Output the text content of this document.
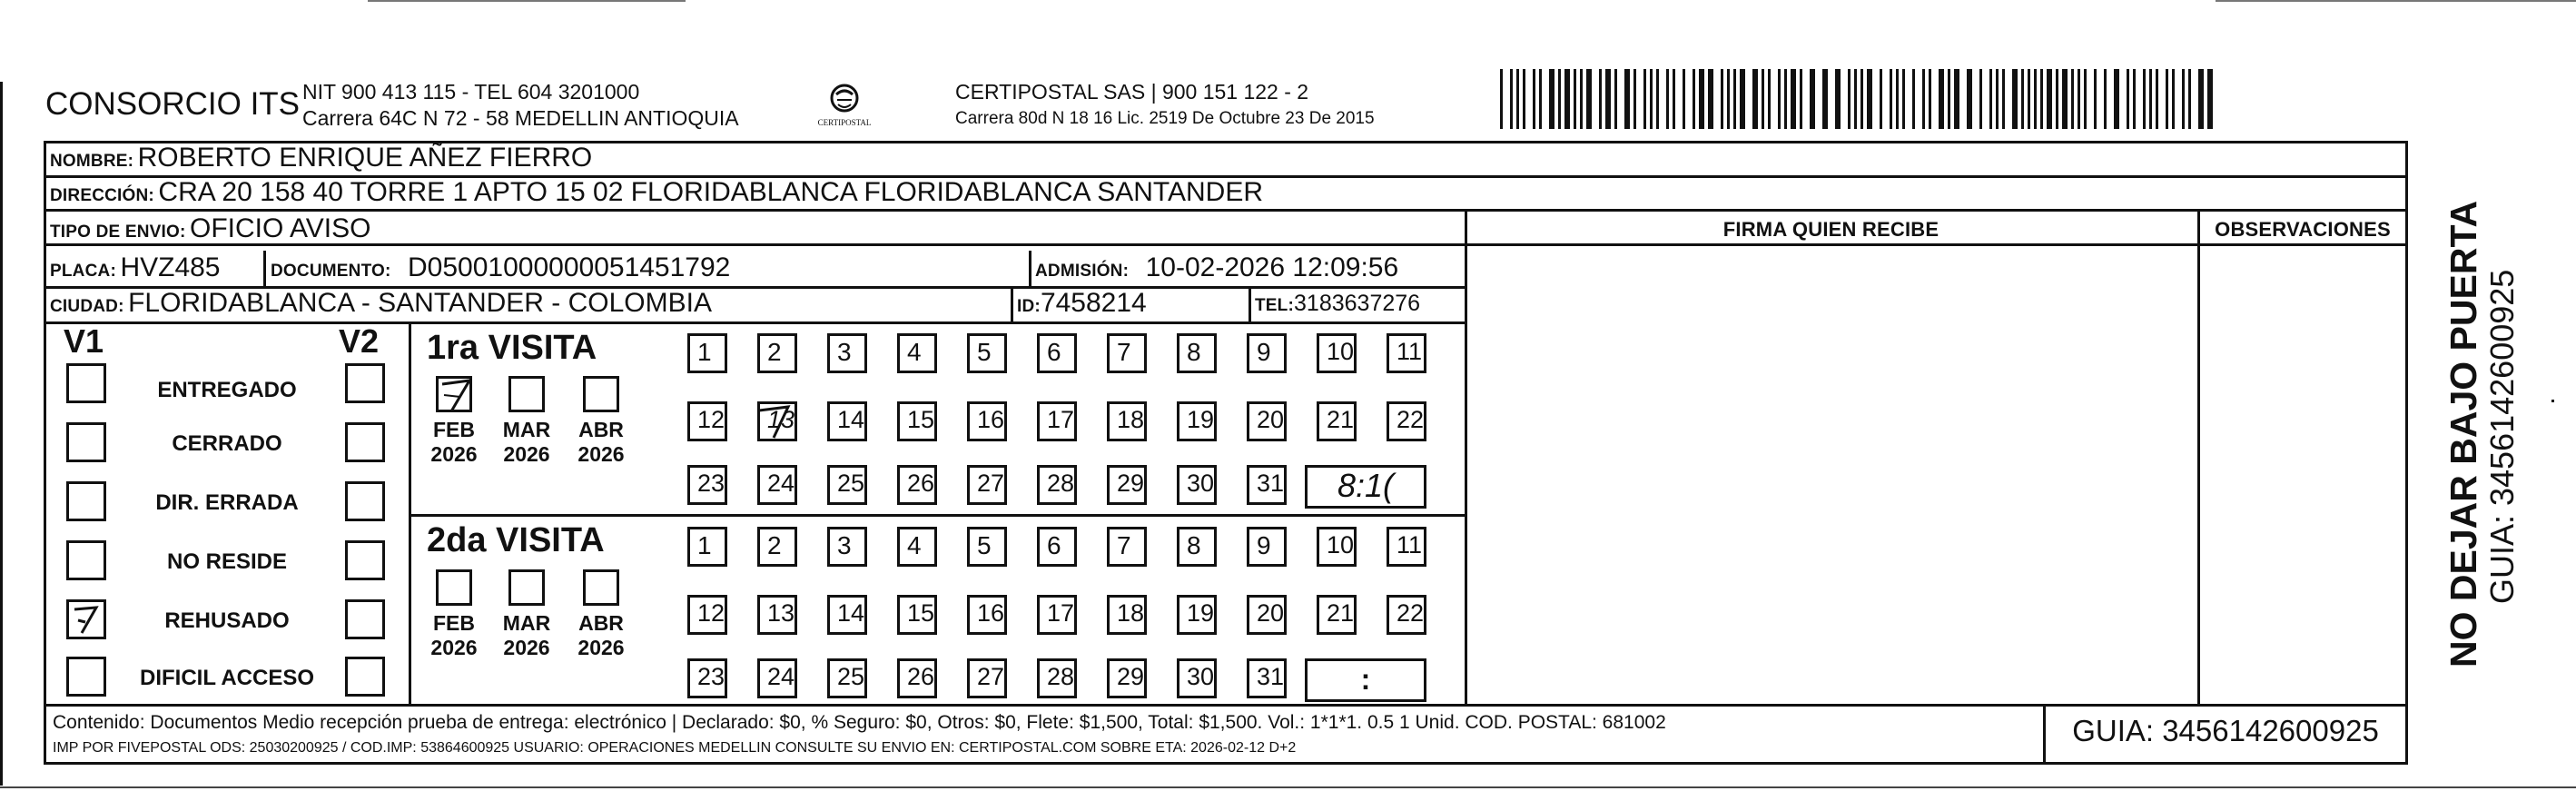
CONSORCIO ITS NIT 900 413 115 - TEL 604 3201000
Carrera 64C N 72 - 58 MEDELLIN ANTIOQUIA	CERTIPOSTAL
CERTIPOSTAL SAS | 900 151 122 - 2
Carrera 80d N 18 16 Lic. 2519 De Octubre 23 De 2015
NOMBRE: ROBERTO ENRIQUE AÑEZ FIERRO
DIRECCIÓN: CRA 20 158 40 TORRE 1 APTO 15 02 FLORIDABLANCA FLORIDABLANCA SANTANDER
TIPO DE ENVIO: OFICIO AVISO	FIRMA QUIEN RECIBE	OBSERVACIONES
PLACA: HVZ485	DOCUMENTO: D05001000000051451792	ADMISIÓN: 10-02-2026 12:09:56
CIUDAD: FLORIDABLANCA - SANTANDER - COLOMBIA	ID:7458214	TEL:3183637276
V1	V2
ENTREGADO
CERRADO
DIR. ERRADA
NO RESIDE
REHUSADO
DIFICIL ACCESO
1ra VISITA
2da VISITA
1	2	3	4	5	6	7	8	9	10	11
12	13	14	15	16	17	18	19	20	21	22
23	24	25	26	27	28	29	30	31	8:1(
FEB
2026
MAR
2026
ABR
2026
1	2	3	4	5	6	7	8	9	10	11
12	13	14	15	16	17	18	19	20	21	22
23	24	25	26	27	28	29	30	31	:
FEB
2026
MAR
2026
ABR
2026
Contenido: Documentos Medio recepción prueba de entrega: electrónico | Declarado: $0, % Seguro: $0, Otros: $0, Flete: $1,500, Total: $1,500. Vol.: 1*1*1. 0.5 1 Unid. COD. POSTAL: 681002
IMP POR FIVEPOSTAL ODS: 25030200925 / COD.IMP: 53864600925 USUARIO: OPERACIONES MEDELLIN CONSULTE SU ENVIO EN: CERTIPOSTAL.COM SOBRE ETA: 2026-02-12 D+2
GUIA: 3456142600925
NO DEJAR BAJO PUERTA GUIA: 3456142600925
